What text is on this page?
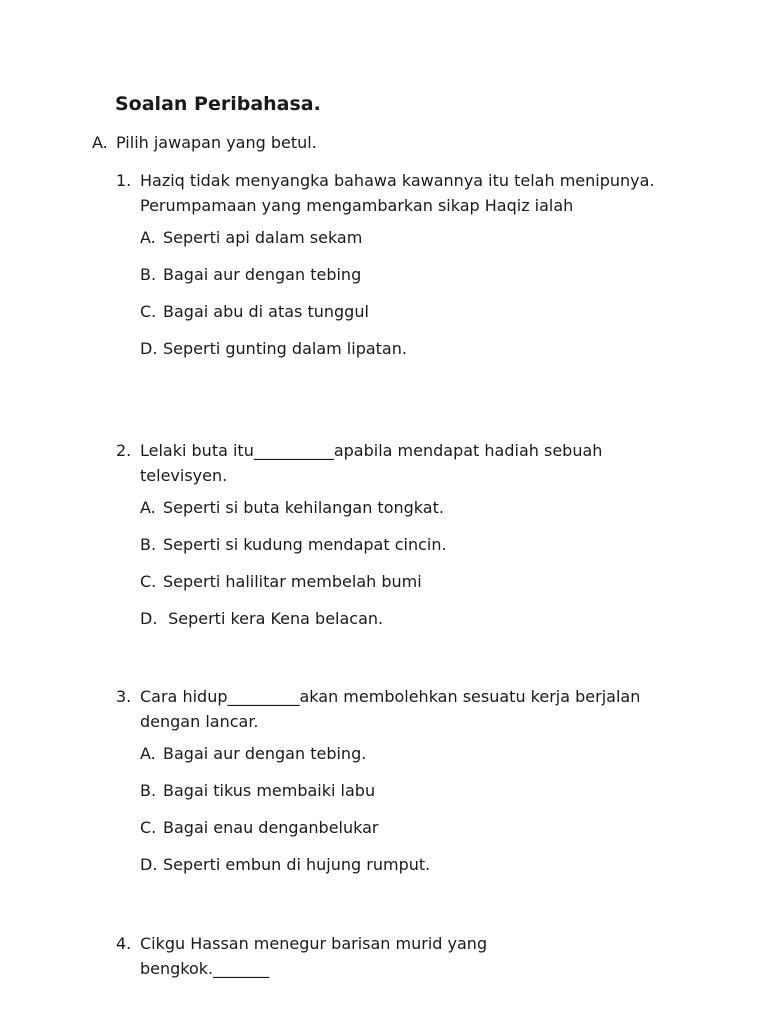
Soalan Peribahasa.
A. Pilih jawapan yang betul.
1. Haziq tidak menyangka bahawa kawannya itu telah menipunya. Perumpamaan yang mengambarkan sikap Haqiz ialah
A. Seperti api dalam sekam
B. Bagai aur dengan tebing
C. Bagai abu di atas tunggul
D. Seperti gunting dalam lipatan.
2. Lelaki buta itu__________apabila mendapat hadiah sebuah televisyen.
A. Seperti si buta kehilangan tongkat.
B. Seperti si kudung mendapat cincin.
C. Seperti halilitar membelah bumi
D. Seperti kera Kena belacan.
3. Cara hidup_________akan membolehkan sesuatu kerja berjalan dengan lancar.
A. Bagai aur dengan tebing.
B. Bagai tikus membaiki labu
C. Bagai enau denganbelukar
D. Seperti embun di hujung rumput.
4. Cikgu Hassan menegur barisan murid yang bengkok._______
